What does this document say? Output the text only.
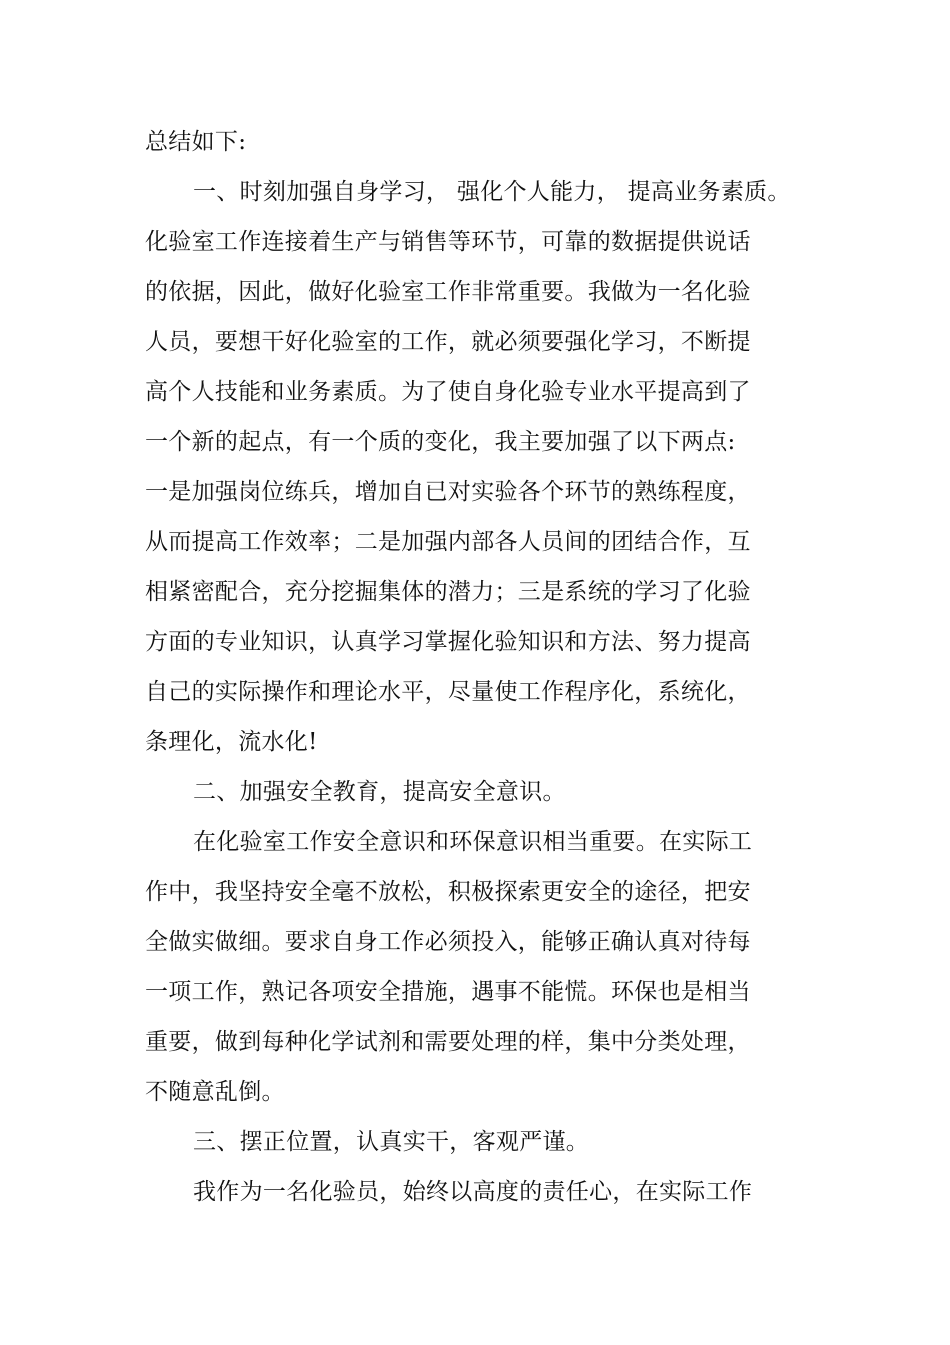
总结如下:
一、时刻加强自身学习， 强化个人能力， 提高业务素质。
化验室工作连接着生产与销售等环节，可靠的数据提供说话
的依据，因此，做好化验室工作非常重要。我做为一名化验
人员，要想干好化验室的工作，就必须要强化学习，不断提
高个人技能和业务素质。为了使自身化验专业水平提高到了
一个新的起点，有一个质的变化，我主要加强了以下两点:
一是加强岗位练兵，增加自已对实验各个环节的熟练程度，
从而提高工作效率；二是加强内部各人员间的团结合作，互
相紧密配合，充分挖掘集体的潜力；三是系统的学习了化验
方面的专业知识，认真学习掌握化验知识和方法、努力提高
自己的实际操作和理论水平，尽量使工作程序化，系统化，
条理化，流水化!
二、加强安全教育，提高安全意识。
在化验室工作安全意识和环保意识相当重要。在实际工
作中，我坚持安全毫不放松，积极探索更安全的途径，把安
全做实做细。要求自身工作必须投入，能够正确认真对待每
一项工作，熟记各项安全措施，遇事不能慌。环保也是相当
重要，做到每种化学试剂和需要处理的样，集中分类处理，
不随意乱倒。
三、摆正位置，认真实干，客观严谨。
我作为一名化验员，始终以高度的责任心，在实际工作
